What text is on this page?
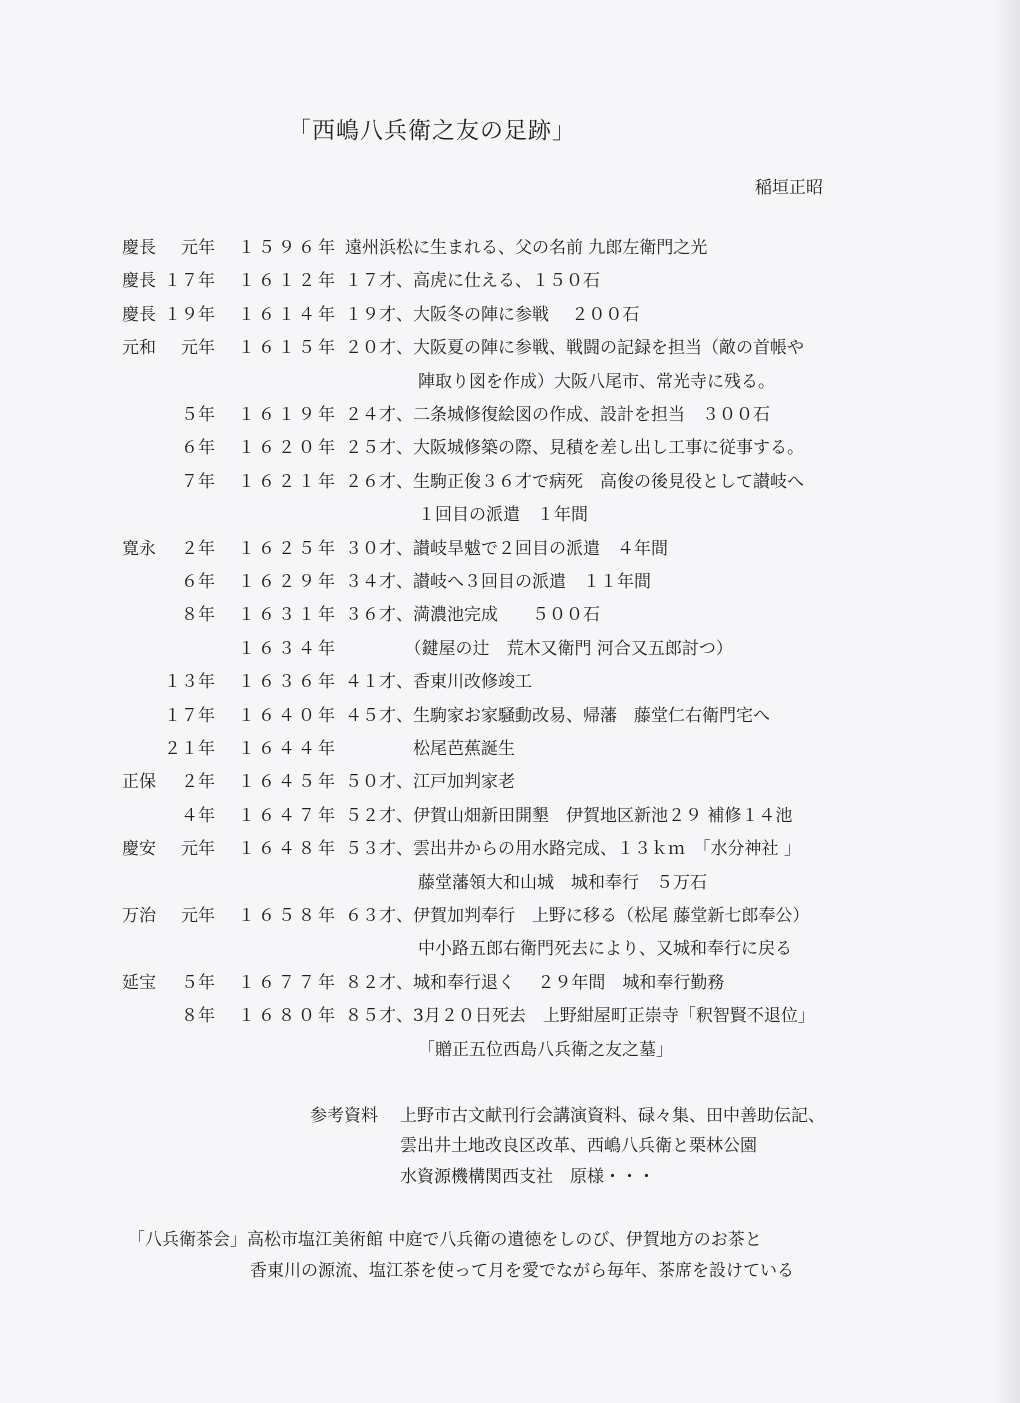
「西嶋八兵衛之友の足跡」
稲垣正昭
慶長	元年 １５９６年 遠州浜松に生まれる、父の名前 九郎左衛門之光
慶長 １７年 １６１２年 １７才、高虎に仕える、１５０石
慶長 １９年 １６１４年 １９才、大阪冬の陣に参戦　 ２００石
元和	元年 １６１５年 ２０才、大阪夏の陣に参戦、戦闘の記録を担当（敵の首帳や
陣取り図を作成）大阪八尾市、常光寺に残る。
５年 １６１９年 ２４才、二条城修復絵図の作成、設計を担当　３００石
６年 １６２０年 ２５才、大阪城修築の際、見積を差し出し工事に従事する。
７年 １６２１年 ２６才、生駒正俊３６才で病死　高俊の後見役として讃岐へ
１回目の派遣　１年間
寛永	２年 １６２５年 ３０才、讃岐旱魃で２回目の派遣　４年間
６年 １６２９年 ３４才、讃岐へ３回目の派遣　１１年間
８年 １６３１年 ３６才、満濃池完成　　５００石
１６３４年 　　　　（鍵屋の辻　荒木又衛門 河合又五郎討つ）
１３年 １６３６年 ４１才、香東川改修竣工
１７年 １６４０年 ４５才、生駒家お家騒動改易、帰藩　藤堂仁右衛門宅へ
２１年 １６４４年 　　　　松尾芭蕉誕生
正保	２年 １６４５年 ５０才、江戸加判家老
４年 １６４７年 ５２才、伊賀山畑新田開墾　伊賀地区新池２９ 補修１４池
慶安	元年 １６４８年 ５３才、雲出井からの用水路完成、１３ｋｍ　「水分神社 」
藤堂藩領大和山城　城和奉行　５万石
万治	元年 １６５８年 ６３才、伊賀加判奉行　上野に移る（松尾 藤堂新七郎奉公）
中小路五郎右衛門死去により、又城和奉行に戻る
延宝	５年 １６７７年 ８２才、城和奉行退く　 ２９年間　城和奉行勤務
８年 １６８０年 ８５才、3月２０日死去　上野紺屋町正崇寺「釈智賢不退位」
「贈正五位西島八兵衛之友之墓」
参考資料 上野市古文献刊行会講演資料、碌々集、田中善助伝記、
雲出井土地改良区改革、西嶋八兵衛と栗林公園
水資源機構関西支社　原様・・・
「八兵衛茶会」高松市塩江美術館 中庭で八兵衛の遺徳をしのび、伊賀地方のお茶と
香東川の源流、塩江茶を使って月を愛でながら毎年、茶席を設けている
